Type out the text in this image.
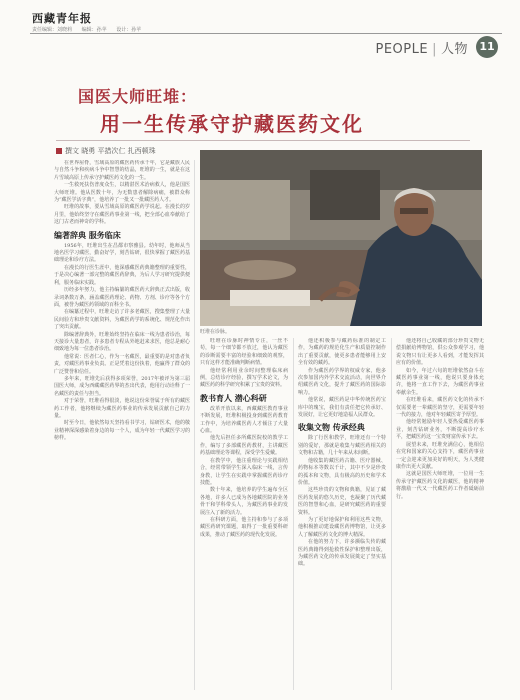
西藏青年报
责任编辑：刘晓莉 编辑：孙苹 设计：孙苹
PEOPLE | 人物	11
国医大师旺堆：
用一生传承守护藏医药文化
撰文 晓勇 平措次仁 扎西顿珠
旺堆在诊脉。

在世界屋脊，雪域高原的藏医药传承千年，它是藏族人民与自然斗争和疾病斗争中智慧的结晶，旺堆的一生，就是在这片雪域高原上传承守护藏医药文化的一生。

一生救死扶伤普度众生，以精湛医术治病救人，他是国医大师旺堆。他从医数十年，为无数患者解除病痛，被群众称为“藏医学活字典”，他培养了一批又一批藏医药人才。

旺堆的故事，要从雪域高原的藏医药学说起。在漫长的岁月里，他始终坚守在藏医药事业第一线，把全部心血奉献给了这门古老而神奇的学科。

编著辞典 服务临床

1956年，旺堆出生在昌都市察雅县。幼年时，他师从当地名医学习藏医，勤奋好学，刻苦钻研，很快掌握了藏医药基础理论和诊疗方法。

在漫长的行医生涯中，他深感藏医药典籍整理的重要性，于是决心编著一部完整的藏医药辞典，为后人学习研究提供便利，服务临床实践。

历经多年努力，他主持编纂的藏医药大辞典正式出版，收录词条数万条，涵盖藏医药理论、药物、方剂、诊疗等各个方面，被誉为藏医药领域的百科全书。

在编纂过程中，旺堆走访了许多老藏医，搜集整理了大量民间验方和珍贵文献资料，为藏医药学的系统化、规范化作出了突出贡献。

除编著辞典外，旺堆始终坚持在临床一线为患者诊治，每天接诊大量患者，许多患者专程从外地赶来求医，他总是耐心细致地为每一位患者诊治。

他常说：医者仁心，作为一名藏医，最重要的是对患者负责，对藏医药事业负责。正是凭着这份执着，他赢得了群众的广泛赞誉和信任。

多年来，旺堆先后获得多项荣誉，2017年被评为第三届国医大师，成为西藏藏医药界的杰出代表，他用行动诠释了一名藏医的责任与担当。

对于荣誉，旺堆看得很淡，他说这份荣誉属于所有的藏医药工作者，他将继续为藏医药事业的传承发展贡献自己的力量。

时至今日，他依然每天坚持看书学习，钻研医术，他的敬业精神深深感染着身边的每一个人，成为年轻一代藏医学习的榜样。

旺堆在诊脉时神情专注，一丝不苟，每一个细节都不放过，他认为藏医的诊断需要丰富的经验和细致的观察，只有这样才能准确判断病情。

他经常利用业余时间整理临床病例，总结诊疗经验，撰写学术论文，为藏医药的科学研究积累了宝贵的资料。

教书育人 潜心科研

改革开放以来，西藏藏医教育事业不断发展，旺堆积极投身到藏医药教育工作中，为培养藏医药人才倾注了大量心血。

他先后担任多所藏医院校的教学工作，编写了多部藏医药教材，主讲藏医药基础理论等课程，深受学生爱戴。

在教学中，他注重理论与实践相结合，经常带领学生深入临床一线，言传身教，让学生在实践中掌握藏医药诊疗技能。

数十年来，他培养的学生遍布全区各地，许多人已成为各地藏医院的业务骨干和学科带头人，为藏医药事业的发展注入了新的活力。

在科研方面，他主持和参与了多项藏医药研究课题，取得了一批重要科研成果，推动了藏医药的现代化发展。

他还积极参与藏药标准的制定工作，为藏药的规范化生产和质量控制作出了重要贡献，使更多患者能够用上安全有效的藏药。

作为藏医药学界的权威专家，他多次参加国内外学术交流活动，向世界介绍藏医药文化，提升了藏医药的国际影响力。

他常说，藏医药是中华传统医药宝库中的瑰宝，我们有责任把它传承好、发展好，让它更好地造福人民群众。

收集文物 传承经典

除了行医和教学，旺堆还有一个特别的爱好，那就是收集与藏医药相关的文物和古籍，几十年来从未间断。

他收集的藏医药古籍、医疗器械、药物标本等数以千计，其中不少是珍贵的孤本和文物，具有极高的历史和学术价值。

这些珍贵的文物和典籍，见证了藏医药发展的悠久历史，也凝聚了历代藏医的智慧和心血，是研究藏医药的重要资料。

为了更好地保护和利用这些文物，他积极推动建设藏医药博物馆，让更多人了解藏医药文化的博大精深。

在他的努力下，许多濒临失传的藏医药典籍得到抢救性保护和整理出版，为藏医药文化的传承发展奠定了坚实基础。

他还将自己收藏的部分珍贵文物无偿捐献给博物馆，供公众参观学习，他说文物只有让更多人看到，才能发挥其应有的价值。

如今，年过六旬的旺堆依然奋斗在藏医药事业第一线，他说只要身体允许，他将一直工作下去，为藏医药事业奉献余生。

在旺堆看来，藏医药文化的传承不仅需要老一辈藏医的坚守，更需要年轻一代的接力，他对年轻藏医寄予厚望。

他经常勉励年轻人要热爱藏医药事业，刻苦钻研业务，不断提高诊疗水平，把藏医药这一宝贵财富传承下去。

展望未来，旺堆充满信心，他相信在党和国家的关心支持下，藏医药事业一定会迎来更加美好的明天，为人类健康作出更大贡献。

这就是国医大师旺堆，一位用一生传承守护藏医药文化的藏医，他的精神将激励一代又一代藏医药工作者砥砺前行。
